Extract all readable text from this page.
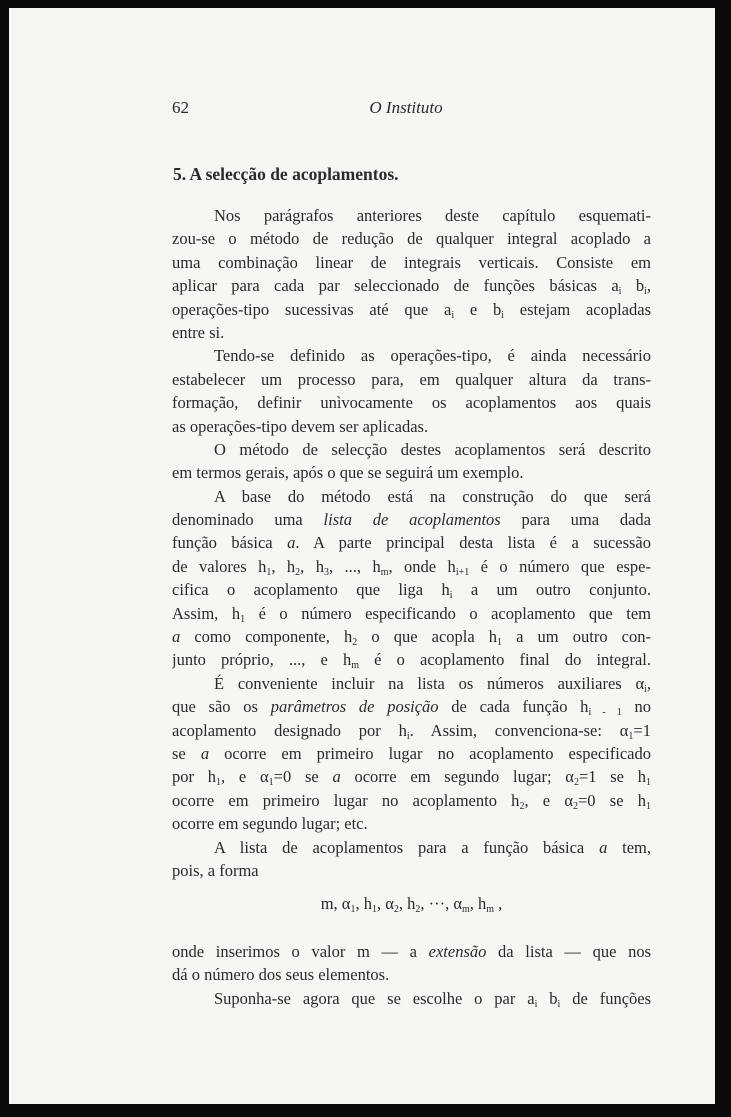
62	O Instituto
5. A selecção de acoplamentos.
Nos parágrafos anteriores deste capítulo esquemati-
zou-se o método de redução de qualquer integral acoplado a
uma combinação linear de integrais verticais. Consiste em
aplicar para cada par seleccionado de funções básicas $a_i$ $b_i$,
operações-tipo sucessivas até que $a_i$ e $b_i$ estejam acopladas
entre si.
Tendo-se definido as operações-tipo, é ainda necessário
estabelecer um processo para, em qualquer altura da trans-
formação, definir unìvocamente os acoplamentos aos quais
as operações-tipo devem ser aplicadas.
O método de selecção destes acoplamentos será descrito
em termos gerais, após o que se seguirá um exemplo.
A base do método está na construção do que será
denominado uma lista de acoplamentos para uma dada
função básica a. A parte principal desta lista é a sucessão
de valores $h_1$, $h_2$, $h_3$, ..., $h_m$, onde $h_{i+1}$ é o número que espe-
cifica o acoplamento que liga $h_i$ a um outro conjunto.
Assim, $h_1$ é o número especificando o acoplamento que tem
a como componente, $h_2$ o que acopla $h_1$ a um outro con-
junto próprio, ..., e $h_m$ é o acoplamento final do integral.
É conveniente incluir na lista os números auxiliares $\alpha_i$,
que são os parâmetros de posição de cada função $h_{i - 1}$ no
acoplamento designado por $h_i$. Assim, convenciona-se: $\alpha_1=1$
se a ocorre em primeiro lugar no acoplamento especificado
por $h_1$, e $\alpha_1=0$ se a ocorre em segundo lugar; $\alpha_2=1$ se $h_1$
ocorre em primeiro lugar no acoplamento $h_2$, e $\alpha_2=0$ se $h_1$
ocorre em segundo lugar; etc.
A lista de acoplamentos para a função básica a tem,
pois, a forma
m, $\alpha_1$, $h_1$, $\alpha_2$, $h_2$, ···, $\alpha_m$, $h_m$ ,
onde inserimos o valor m — a extensão da lista — que nos
dá o número dos seus elementos.
Suponha-se agora que se escolhe o par $a_i$ $b_i$ de funções
